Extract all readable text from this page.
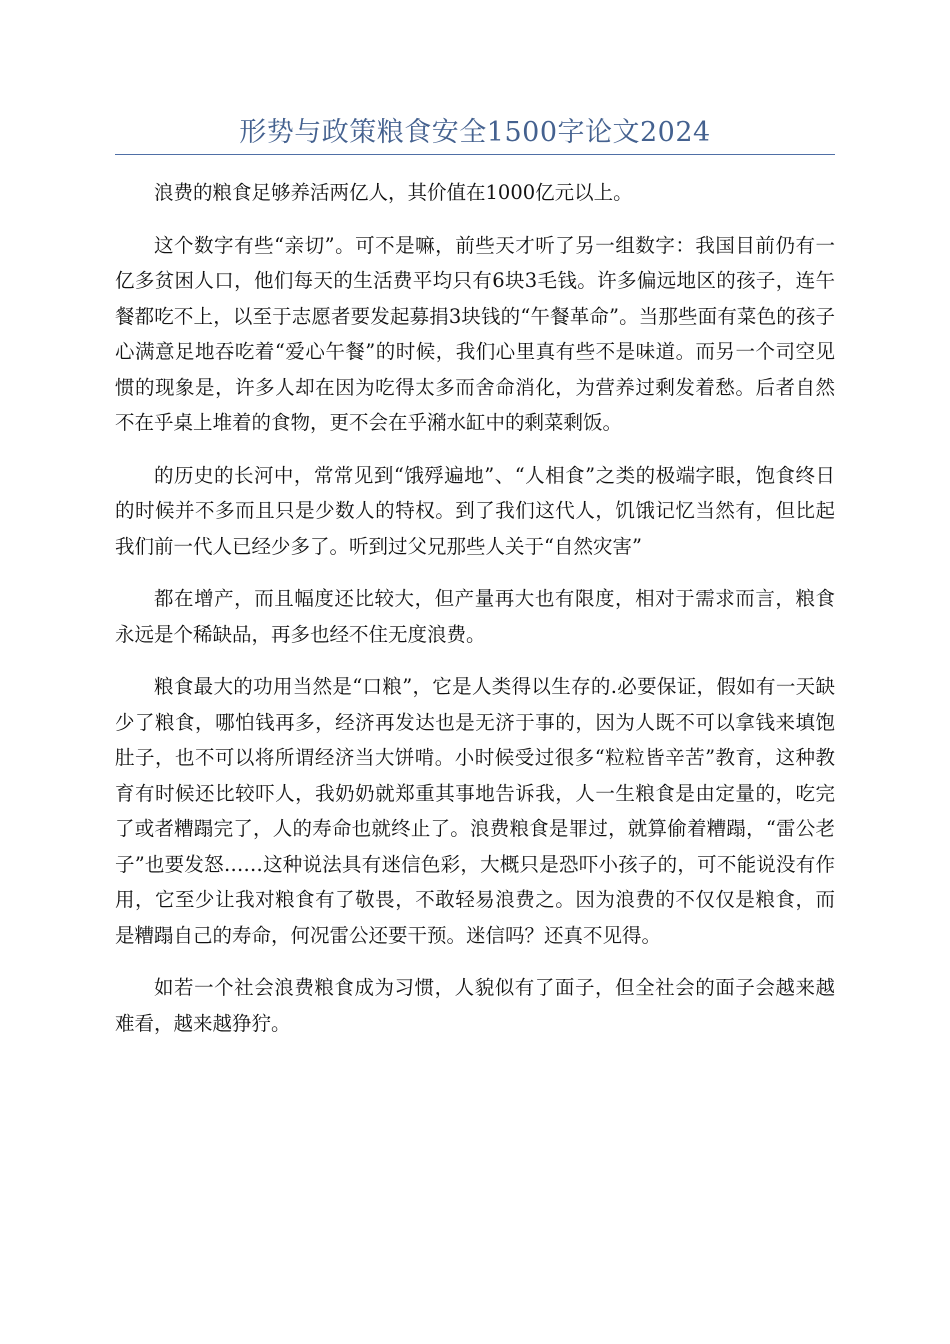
形势与政策粮食安全1500字论文2024

浪费的粮食足够养活两亿人，其价值在1000亿元以上。

这个数字有些“亲切”。可不是嘛，前些天才听了另一组数字：我国目前仍有一亿多贫困人口，他们每天的生活费平均只有6块3毛钱。许多偏远地区的孩子，连午餐都吃不上，以至于志愿者要发起募捐3块钱的“午餐革命”。当那些面有菜色的孩子心满意足地吞吃着“爱心午餐”的时候，我们心里真有些不是味道。而另一个司空见惯的现象是，许多人却在因为吃得太多而舍命消化，为营养过剩发着愁。后者自然不在乎桌上堆着的食物，更不会在乎潲水缸中的剩菜剩饭。

的历史的长河中，常常见到“饿殍遍地”、“人相食”之类的极端字眼，饱食终日的时候并不多而且只是少数人的特权。到了我们这代人，饥饿记忆当然有，但比起我们前一代人已经少多了。听到过父兄那些人关于“自然灾害”

都在增产，而且幅度还比较大，但产量再大也有限度，相对于需求而言，粮食永远是个稀缺品，再多也经不住无度浪费。

粮食最大的功用当然是“口粮”，它是人类得以生存的.必要保证，假如有一天缺少了粮食，哪怕钱再多，经济再发达也是无济于事的，因为人既不可以拿钱来填饱肚子，也不可以将所谓经济当大饼啃。小时候受过很多“粒粒皆辛苦”教育，这种教育有时候还比较吓人，我奶奶就郑重其事地告诉我，人一生粮食是由定量的，吃完了或者糟蹋完了，人的寿命也就终止了。浪费粮食是罪过，就算偷着糟蹋，“雷公老子”也要发怒……这种说法具有迷信色彩，大概只是恐吓小孩子的，可不能说没有作用，它至少让我对粮食有了敬畏，不敢轻易浪费之。因为浪费的不仅仅是粮食，而是糟蹋自己的寿命，何况雷公还要干预。迷信吗？还真不见得。

如若一个社会浪费粮食成为习惯，人貌似有了面子，但全社会的面子会越来越难看，越来越狰狞。
